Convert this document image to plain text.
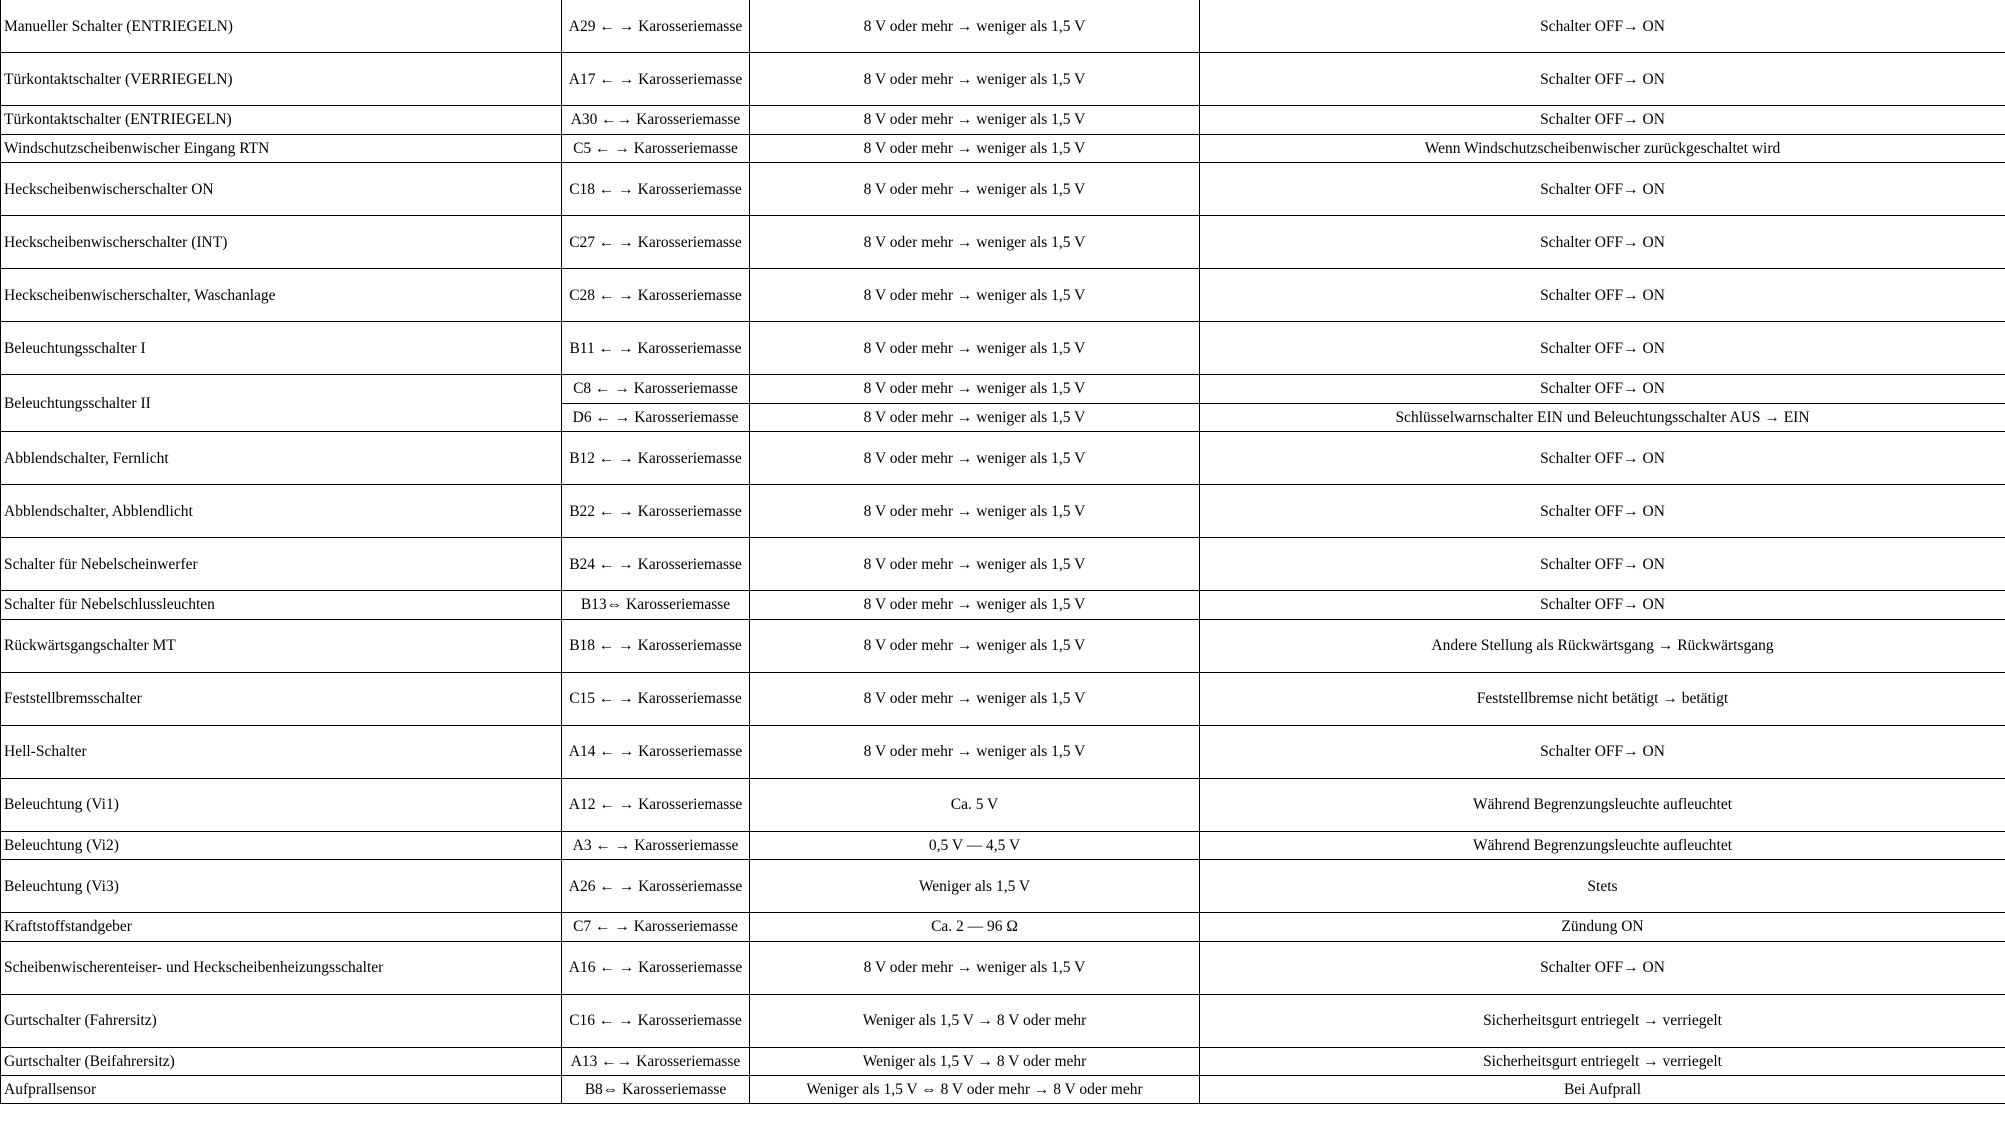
Manueller Schalter (ENTRIEGELN)	A29 ← → Karosseriemasse	8 V oder mehr → weniger als 1,5 V	Schalter OFF→ ON
Türkontaktschalter (VERRIEGELN)	A17 ← → Karosseriemasse	8 V oder mehr → weniger als 1,5 V	Schalter OFF→ ON
Türkontaktschalter (ENTRIEGELN)	A30 ←→ Karosseriemasse	8 V oder mehr → weniger als 1,5 V	Schalter OFF→ ON
Windschutzscheibenwischer Eingang RTN	C5 ← → Karosseriemasse	8 V oder mehr → weniger als 1,5 V	Wenn Windschutzscheibenwischer zurückgeschaltet wird
Heckscheibenwischerschalter ON	C18 ← → Karosseriemasse	8 V oder mehr → weniger als 1,5 V	Schalter OFF→ ON
Heckscheibenwischerschalter (INT)	C27 ← → Karosseriemasse	8 V oder mehr → weniger als 1,5 V	Schalter OFF→ ON
Heckscheibenwischerschalter, Waschanlage	C28 ← → Karosseriemasse	8 V oder mehr → weniger als 1,5 V	Schalter OFF→ ON
Beleuchtungsschalter I	B11 ← → Karosseriemasse	8 V oder mehr → weniger als 1,5 V	Schalter OFF→ ON
Beleuchtungsschalter II	C8 ← → Karosseriemasse	8 V oder mehr → weniger als 1,5 V	Schalter OFF→ ON
	D6 ← → Karosseriemasse	8 V oder mehr → weniger als 1,5 V	Schlüsselwarnschalter EIN und Beleuchtungsschalter AUS → EIN
Abblendschalter, Fernlicht	B12 ← → Karosseriemasse	8 V oder mehr → weniger als 1,5 V	Schalter OFF→ ON
Abblendschalter, Abblendlicht	B22 ← → Karosseriemasse	8 V oder mehr → weniger als 1,5 V	Schalter OFF→ ON
Schalter für Nebelscheinwerfer	B24 ← → Karosseriemasse	8 V oder mehr → weniger als 1,5 V	Schalter OFF→ ON
Schalter für Nebelschlussleuchten	B13⇔ Karosseriemasse	8 V oder mehr → weniger als 1,5 V	Schalter OFF→ ON
Rückwärtsgangschalter MT	B18 ← → Karosseriemasse	8 V oder mehr → weniger als 1,5 V	Andere Stellung als Rückwärtsgang → Rückwärtsgang
Feststellbremsschalter	C15 ← → Karosseriemasse	8 V oder mehr → weniger als 1,5 V	Feststellbremse nicht betätigt → betätigt
Hell-Schalter	A14 ← → Karosseriemasse	8 V oder mehr → weniger als 1,5 V	Schalter OFF→ ON
Beleuchtung (Vi1)	A12 ← → Karosseriemasse	Ca. 5 V	Während Begrenzungsleuchte aufleuchtet
Beleuchtung (Vi2)	A3 ← → Karosseriemasse	0,5 V — 4,5 V	Während Begrenzungsleuchte aufleuchtet
Beleuchtung (Vi3)	A26 ← → Karosseriemasse	Weniger als 1,5 V	Stets
Kraftstoffstandgeber	C7 ← → Karosseriemasse	Ca. 2 — 96 Ω	Zündung ON
Scheibenwischerenteiser- und Heckscheibenheizungsschalter	A16 ← → Karosseriemasse	8 V oder mehr → weniger als 1,5 V	Schalter OFF→ ON
Gurtschalter (Fahrersitz)	C16 ← → Karosseriemasse	Weniger als 1,5 V → 8 V oder mehr	Sicherheitsgurt entriegelt → verriegelt
Gurtschalter (Beifahrersitz)	A13 ←→ Karosseriemasse	Weniger als 1,5 V → 8 V oder mehr	Sicherheitsgurt entriegelt → verriegelt
Aufprallsensor	B8⇔ Karosseriemasse	Weniger als 1,5 V ⇔ 8 V oder mehr → 8 V oder mehr	Bei Aufprall
